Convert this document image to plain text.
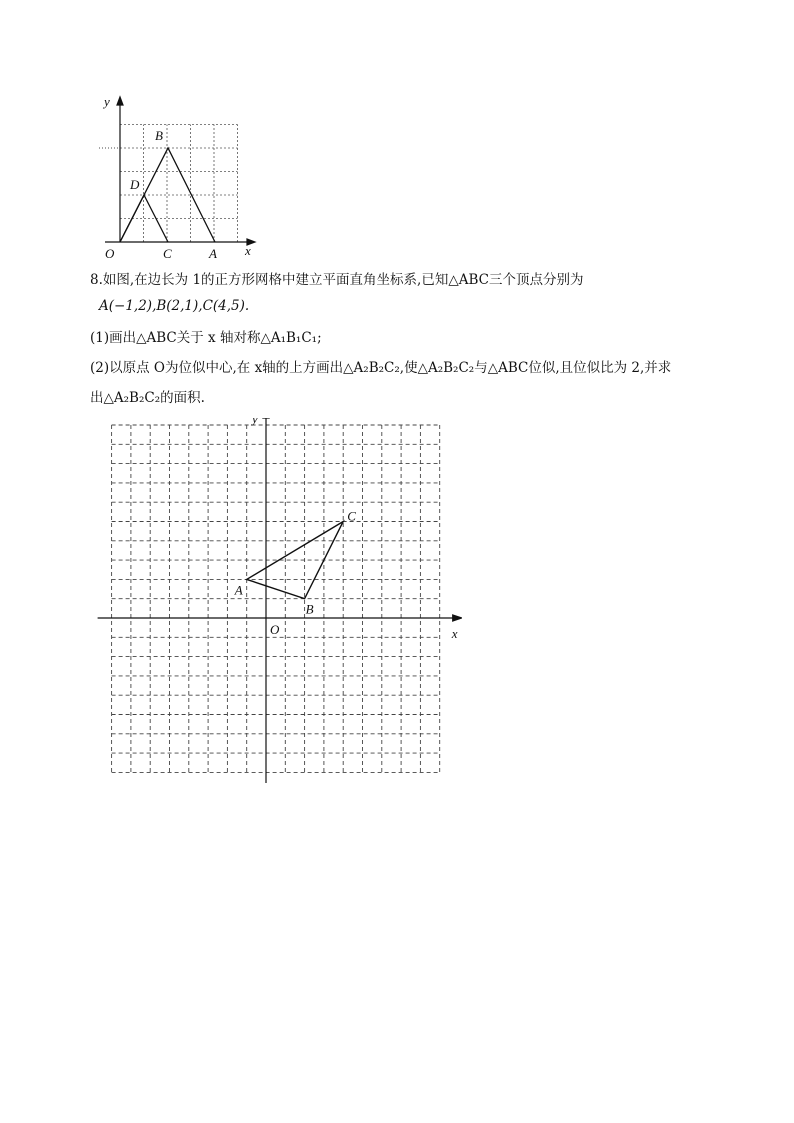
y
x
O
B
D
C	A
8.如图,在边长为 1的正方形网格中建立平面直角坐标系,已知△ABC三个顶点分别为
A(−1,2),B(2,1),C(4,5).
(1)画出△ABC关于 x 轴对称△A₁B₁C₁;
(2)以原点 O为位似中心,在 x轴的上方画出△A₂B₂C₂,使△A₂B₂C₂与△ABC位似,且位似比为 2,并求
出△A₂B₂C₂的面积.
y
x
O
A
B
C
